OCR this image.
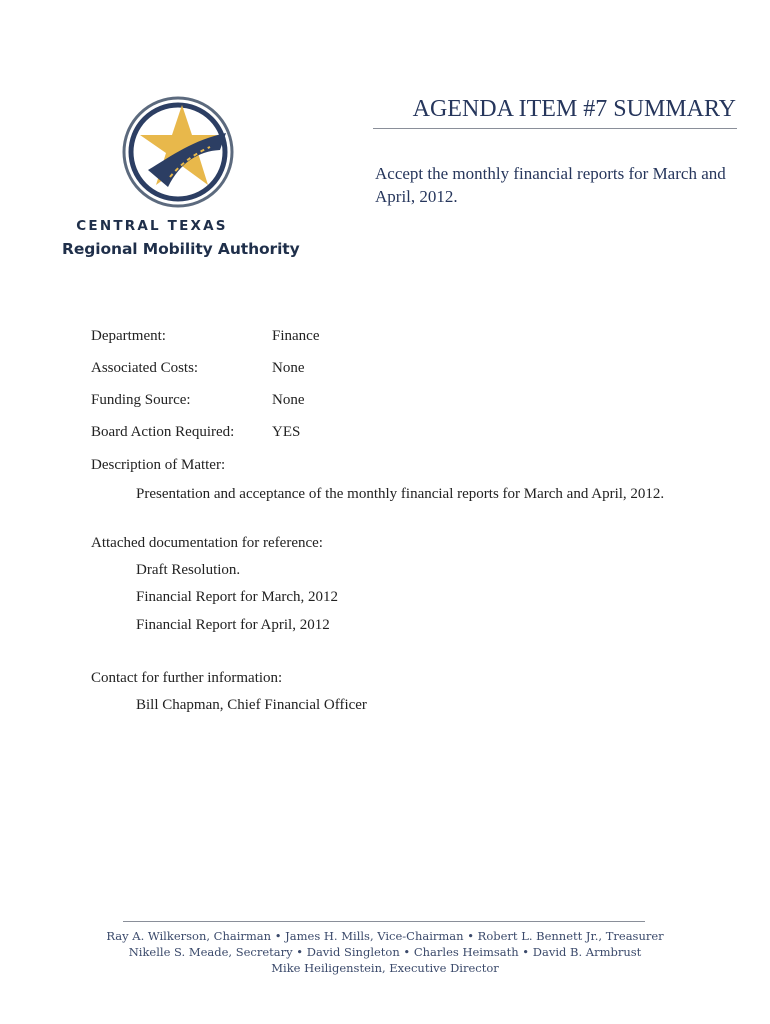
CENTRAL TEXAS
Regional Mobility Authority
AGENDA ITEM #7 SUMMARY
Accept the monthly financial reports for March and April, 2012.
Department:	Finance
Associated Costs:	None
Funding Source:	None
Board Action Required:	YES
Description of Matter:
Presentation and acceptance of the monthly financial reports for March and April, 2012.
Attached documentation for reference:
Draft Resolution.
Financial Report for March, 2012
Financial Report for April, 2012
Contact for further information:
Bill Chapman, Chief Financial Officer
Ray A. Wilkerson, Chairman • James H. Mills, Vice-Chairman • Robert L. Bennett Jr., Treasurer
Nikelle S. Meade, Secretary • David Singleton • Charles Heimsath • David B. Armbrust
Mike Heiligenstein, Executive Director
